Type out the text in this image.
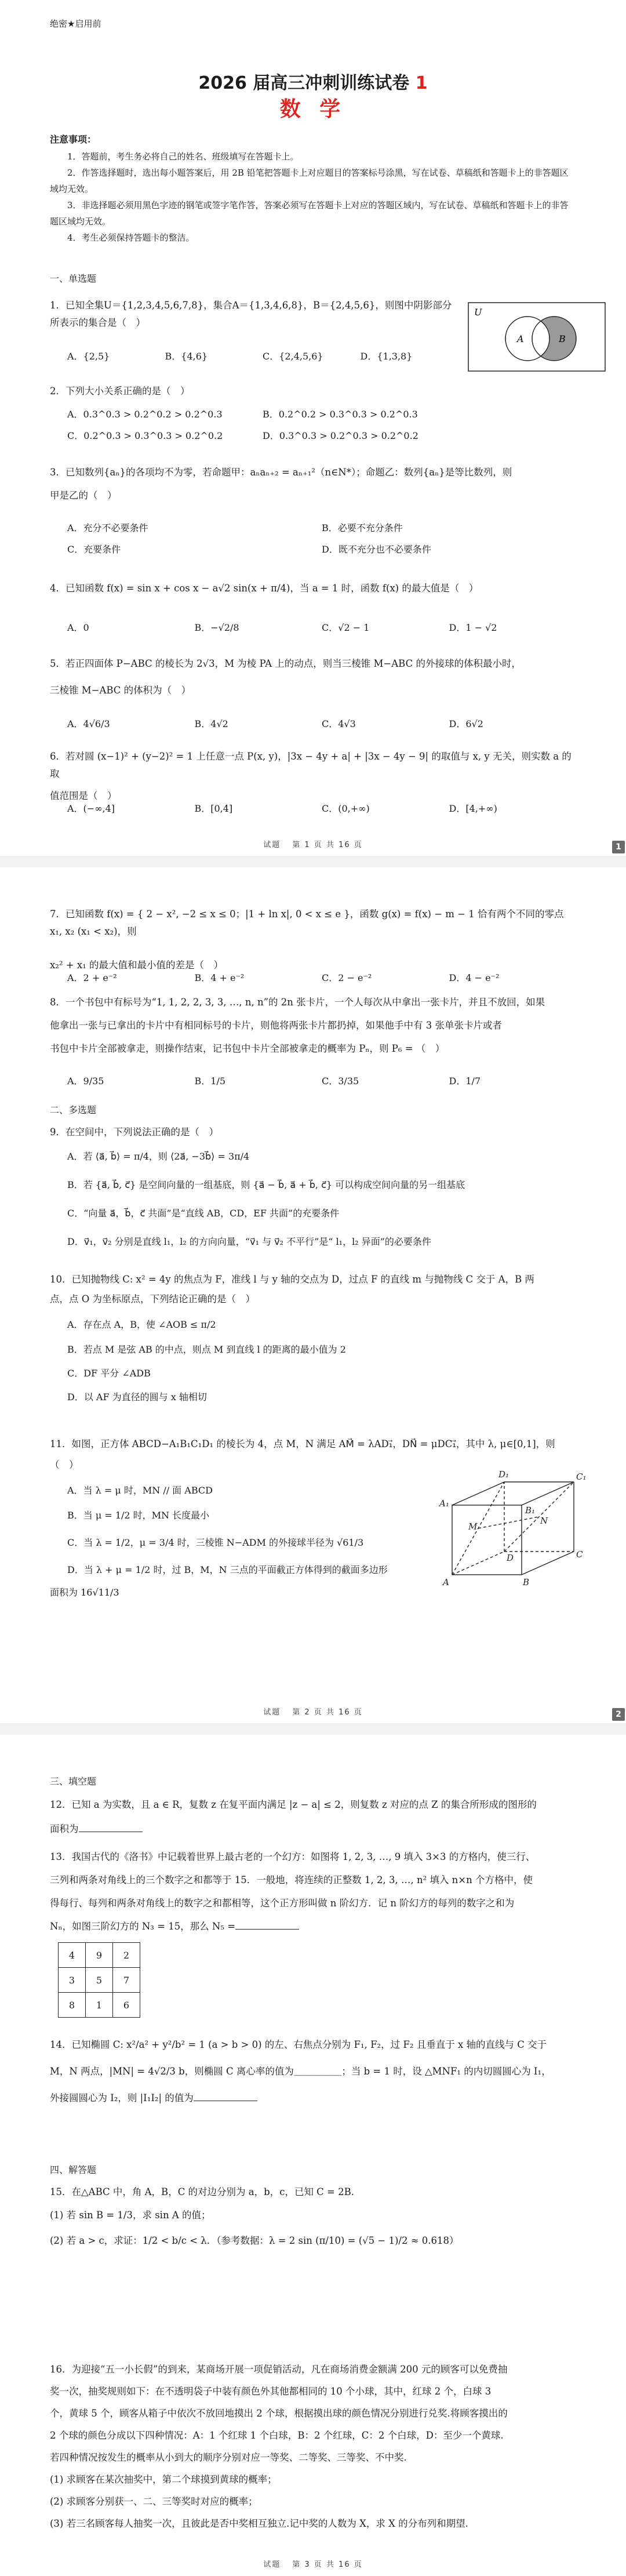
绝密★启用前
2026 届高三冲刺训练试卷 1
数 学
注意事项：
1．答题前，考生务必将自己的姓名、班级填写在答题卡上。
2．作答选择题时，选出每小题答案后，用 2B 铅笔把答题卡上对应题目的答案标号涂黑，写在试卷、草稿纸和答题卡上的非答题区域均无效。
3．非选择题必须用黑色字迹的钢笔或签字笔作答，答案必须写在答题卡上对应的答题区域内，写在试卷、草稿纸和答题卡上的非答题区域均无效。
4．考生必须保持答题卡的整洁。
一、单选题
1．已知全集U＝{1,2,3,4,5,6,7,8}，集合A＝{1,3,4,6,8}，B＝{2,4,5,6}，则图中阴影部分所表示的集合是（　）
A．{2,5}	B．{4,6}	C．{2,4,5,6}	D．{1,3,8}
U
A	B
2．下列大小关系正确的是（　）
A．0.3^0.3 > 0.2^0.2 > 0.2^0.3	B．0.2^0.2 > 0.3^0.3 > 0.2^0.3
C．0.2^0.3 > 0.3^0.3 > 0.2^0.2	D．0.3^0.3 > 0.2^0.3 > 0.2^0.2
3．已知数列{aₙ}的各项均不为零，若命题甲：aₙaₙ₊₂ = aₙ₊₁²（n∈N*）；命题乙：数列{aₙ}是等比数列，则
甲是乙的（　）
A．充分不必要条件	B．必要不充分条件
C．充要条件	D．既不充分也不必要条件
4．已知函数 f(x) = sin x + cos x − a√2 sin(x + π/4)，当 a = 1 时，函数 f(x) 的最大值是（　）
A．0	B．−√2/8	C．√2 − 1	D．1 − √2
5．若正四面体 P−ABC 的棱长为 2√3，M 为棱 PA 上的动点，则当三棱锥 M−ABC 的外接球的体积最小时，
三棱锥 M−ABC 的体积为（　）
A．4√6/3	B．4√2	C．4√3	D．6√2
6．若对圆 (x−1)² + (y−2)² = 1 上任意一点 P(x, y)，|3x − 4y + a| + |3x − 4y − 9| 的取值与 x, y 无关，则实数 a 的取
值范围是（　）
A．(−∞,4]	B．[0,4]	C．(0,+∞)	D．[4,+∞)
试题 第 1 页 共 16 页	1
7．已知函数 f(x) = { 2 − x², −2 ≤ x ≤ 0；|1 + ln x|, 0 < x ≤ e }，函数 g(x) = f(x) − m − 1 恰有两个不同的零点 x₁, x₂ (x₁ < x₂)，则
x₂² + x₁ 的最大值和最小值的差是（　）
A．2 + e⁻²	B．4 + e⁻²	C．2 − e⁻²	D．4 − e⁻²
8．一个书包中有标号为“1, 1, 2, 2, 3, 3, …, n, n”的 2n 张卡片，一个人每次从中拿出一张卡片，并且不放回，如果
他拿出一张与已拿出的卡片中有相同标号的卡片，则他将两张卡片都扔掉，如果他手中有 3 张单张卡片或者
书包中卡片全部被拿走，则操作结束，记书包中卡片全部被拿走的概率为 Pₙ，则 P₆ = （　）
A．9/35	B．1/5	C．3/35	D．1/7
二、多选题
9．在空间中，下列说法正确的是（　）
A．若 ⟨a⃗, b⃗⟩ = π/4，则 ⟨2a⃗, −3b⃗⟩ = 3π/4
B．若 {a⃗, b⃗, c⃗} 是空间向量的一组基底，则 {a⃗ − b⃗, a⃗ + b⃗, c⃗} 可以构成空间向量的另一组基底
C．“向量 a⃗，b⃗，c⃗ 共面”是“直线 AB，CD，EF 共面”的充要条件
D．v⃗₁，v⃗₂ 分别是直线 l₁，l₂ 的方向向量，“v⃗₁ 与 v⃗₂ 不平行”是“ l₁，l₂ 异面”的必要条件
10．已知抛物线 C: x² = 4y 的焦点为 F，准线 l 与 y 轴的交点为 D，过点 F 的直线 m 与抛物线 C 交于 A，B 两
点，点 O 为坐标原点，下列结论正确的是（　）
A．存在点 A，B，使 ∠AOB ≤ π/2
B．若点 M 是弦 AB 的中点，则点 M 到直线 l 的距离的最小值为 2
C．DF 平分 ∠ADB
D．以 AF 为直径的圆与 x 轴相切
11．如图，正方体 ABCD−A₁B₁C₁D₁ 的棱长为 4，点 M，N 满足 AM⃗ = λAD₁⃗，DN⃗ = μDC₁⃗，其中 λ, μ∈[0,1]，则
（　）
A．当 λ = μ 时，MN // 面 ABCD
B．当 μ = 1/2 时，MN 长度最小
C．当 λ = 1/2，μ = 3/4 时，三棱锥 N−ADM 的外接球半径为 √61/3
D．当 λ + μ = 1/2 时，过 B，M，N 三点的平面截正方体得到的截面多边形
面积为 16√11/3
A	B
C
D
A₁
B₁
C₁
D₁
M
N
试题 第 2 页 共 16 页	2
三、填空题
12．已知 a 为实数，且 a ∈ R，复数 z 在复平面内满足 |z − a| ≤ 2，则复数 z 对应的点 Z 的集合所形成的图形的
面积为
13．我国古代的《洛书》中记载着世界上最古老的一个幻方：如图将 1, 2, 3, …, 9 填入 3×3 的方格内，使三行、
三列和两条对角线上的三个数字之和都等于 15．一般地，将连续的正整数 1, 2, 3, …, n² 填入 n×n 个方格中，使
得每行、每列和两条对角线上的数字之和都相等，这个正方形叫做 n 阶幻方．记 n 阶幻方的每列的数字之和为
Nₙ，如图三阶幻方的 N₃ = 15，那么 N₅ =
4	9	2
3	5	7
8	1	6
14．已知椭圆 C: x²/a² + y²/b² = 1 (a > b > 0) 的左、右焦点分别为 F₁, F₂，过 F₂ 且垂直于 x 轴的直线与 C 交于
M，N 两点，|MN| = 4√2/3 b，则椭圆 C 离心率的值为＿＿＿＿＿；当 b = 1 时，设 △MNF₁ 的内切圆圆心为 I₁，
外接圆圆心为 I₂，则 |I₁I₂| 的值为
四、解答题
15．在△ABC 中，角 A，B，C 的对边分别为 a，b，c，已知 C = 2B.
(1) 若 sin B = 1/3，求 sin A 的值；
(2) 若 a > c，求证：1/2 < b/c < λ．（参考数据：λ = 2 sin (π/10) = (√5 − 1)/2 ≈ 0.618）
16．为迎接“五一小长假”的到来，某商场开展一项促销活动，凡在商场消费金额满 200 元的顾客可以免费抽
奖一次，抽奖规则如下：在不透明袋子中装有颜色外其他都相同的 10 个小球，其中，红球 2 个，白球 3
个，黄球 5 个，顾客从箱子中依次不放回地摸出 2 个球，根据摸出球的颜色情况分别进行兑奖.将顾客摸出的
2 个球的颜色分成以下四种情况：A：1 个红球 1 个白球，B：2 个红球，C：2 个白球，D：至少一个黄球.
若四种情况按发生的概率从小到大的顺序分别对应一等奖、二等奖、三等奖、不中奖.
(1) 求顾客在某次抽奖中，第二个球摸到黄球的概率；
(2) 求顾客分别获一、二、三等奖时对应的概率；
(3) 若三名顾客每人抽奖一次，且彼此是否中奖相互独立.记中奖的人数为 X，求 X 的分布列和期望.
试题 第 3 页 共 16 页
